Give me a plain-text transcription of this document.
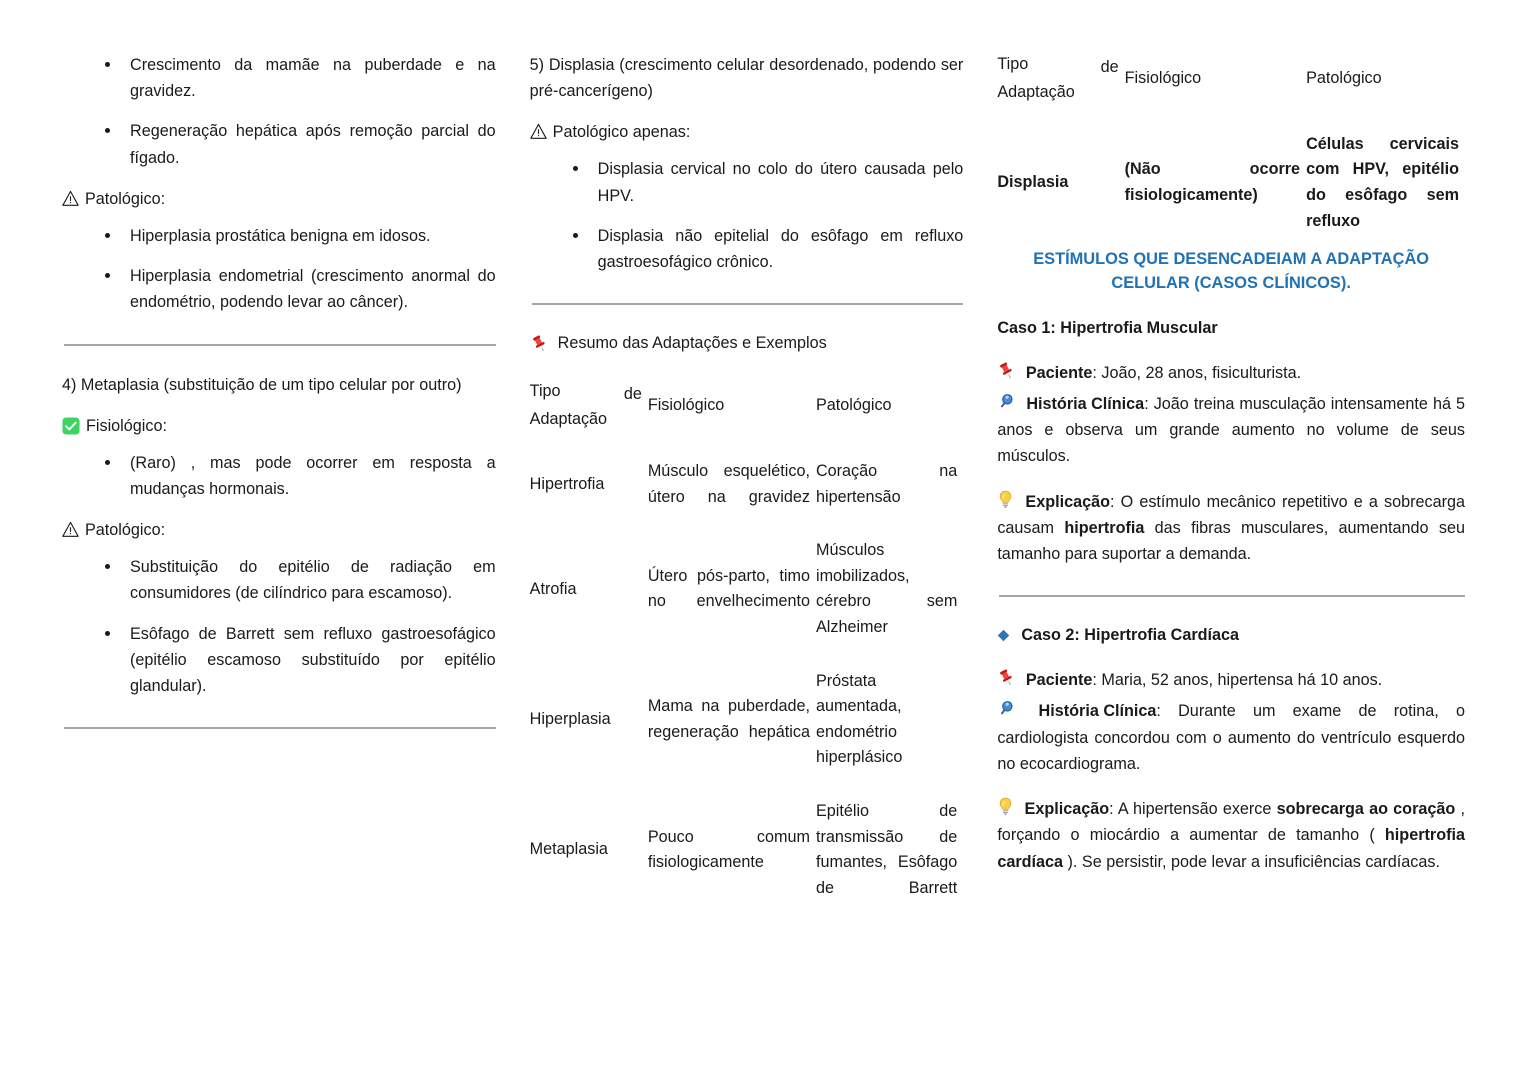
Crescimento da mamãe na puberdade e na gravidez.
Regeneração hepática após remoção parcial do fígado.
Patológico:
Hiperplasia prostática benigna em idosos.
Hiperplasia endometrial (crescimento anormal do endométrio, podendo levar ao câncer).

4) Metaplasia (substituição de um tipo celular por outro)

Fisiológico:
(Raro) , mas pode ocorrer em resposta a mudanças hormonais.
Patológico:
Substituição do epitélio de radiação em consumidores (de cilíndrico para escamoso).
Esôfago de Barrett sem refluxo gastroesofágico (epitélio escamoso substituído por epitélio glandular).

5) Displasia (crescimento celular desordenado, podendo ser pré-cancerígeno)

Patológico apenas:
Displasia cervical no colo do útero causada pelo HPV.
Displasia não epitelial do esôfago em refluxo gastroesofágico crônico.
Resumo das Adaptações e Exemplos
Tipo de
Adaptação	Fisiológico	Patológico
Hipertrofia	Músculo esquelético, útero na gravidez	Coração na hipertensão
Atrofia	Útero pós-parto, timo no envelhecimento	Músculos imobilizados, cérebro sem Alzheimer
Hiperplasia	Mama na puberdade, regeneração hepática	Próstata aumentada, endométrio hiperplásico
Metaplasia	Pouco comum fisiologicamente	Epitélio de transmissão de fumantes, Esôfago de Barrett
Tipo de
Adaptação	Fisiológico	Patológico
Displasia	(Não ocorre fisiologicamente)	Células cervicais com HPV, epitélio do esôfago sem refluxo

ESTÍMULOS QUE DESENCADEIAM A ADAPTAÇÃO CELULAR (CASOS CLÍNICOS).

Caso 1: Hipertrofia Muscular

Paciente: João, 28 anos, fisiculturista.

História Clínica: João treina musculação intensamente há 5 anos e observa um grande aumento no volume de seus músculos.

Explicação: O estímulo mecânico repetitivo e a sobrecarga causam hipertrofia das fibras musculares, aumentando seu tamanho para suportar a demanda.

Caso 2: Hipertrofia Cardíaca

Paciente: Maria, 52 anos, hipertensa há 10 anos.

História Clínica: Durante um exame de rotina, o cardiologista concordou com o aumento do ventrículo esquerdo no ecocardiograma.

Explicação: A hipertensão exerce sobrecarga ao coração , forçando o miocárdio a aumentar de tamanho ( hipertrofia cardíaca ). Se persistir, pode levar a insuficiências cardíacas.
